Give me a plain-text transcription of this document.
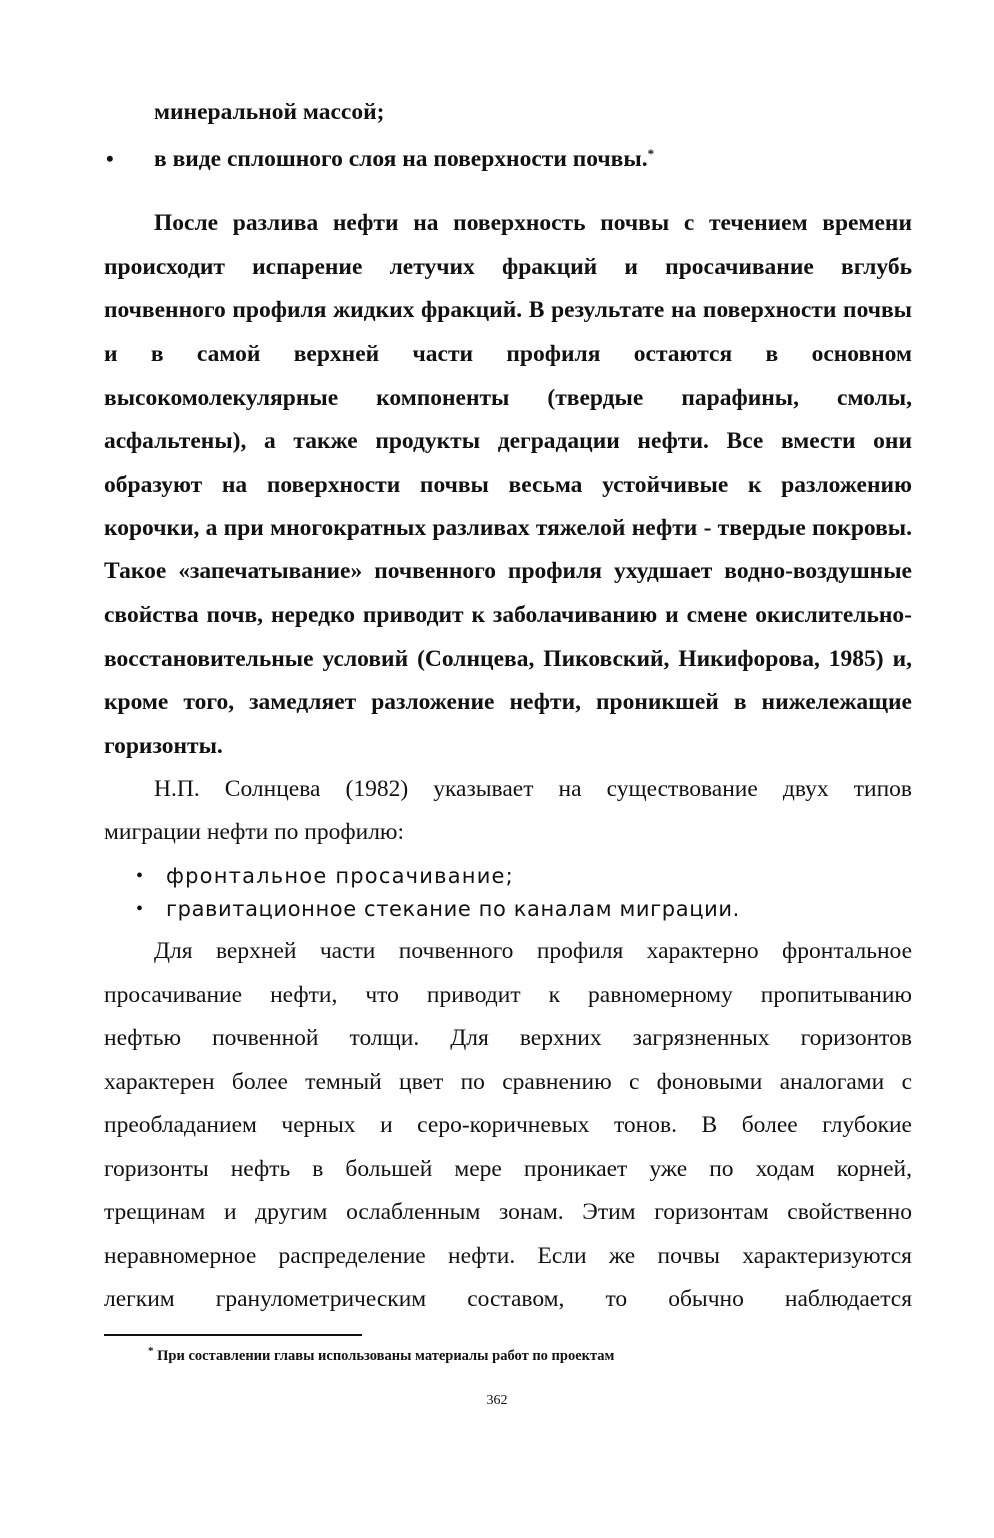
минеральной массой;
• в виде сплошного слоя на поверхности почвы.*
После разлива нефти на поверхность почвы с течением времени
происходит испарение летучих фракций и просачивание вглубь
почвенного профиля жидких фракций. В результате на поверхности почвы
и в самой верхней части профиля остаются в основном
высокомолекулярные компоненты (твердые парафины, смолы,
асфальтены), а также продукты деградации нефти. Все вмести они
образуют на поверхности почвы весьма устойчивые к разложению
корочки, а при многократных разливах тяжелой нефти - твердые покровы.
Такое «запечатывание» почвенного профиля ухудшает водно-воздушные
свойства почв, нередко приводит к заболачиванию и смене окислительно-
восстановительные условий (Солнцева, Пиковский, Никифорова, 1985) и,
кроме того, замедляет разложение нефти, проникшей в нижележащие
горизонты.
Н.П. Солнцева (1982) указывает на существование двух типов
миграции нефти по профилю:
• фронтальное просачивание;
• гравитационное стекание по каналам миграции.
Для верхней части почвенного профиля характерно фронтальное
просачивание нефти, что приводит к равномерному пропитыванию
нефтью почвенной толщи. Для верхних загрязненных горизонтов
характерен более темный цвет по сравнению с фоновыми аналогами с
преобладанием черных и серо-коричневых тонов. В более глубокие
горизонты нефть в большей мере проникает уже по ходам корней,
трещинам и другим ослабленным зонам. Этим горизонтам свойственно
неравномерное распределение нефти. Если же почвы характеризуются
легким гранулометрическим составом, то обычно наблюдается
* При составлении главы использованы материалы работ по проектам
362
